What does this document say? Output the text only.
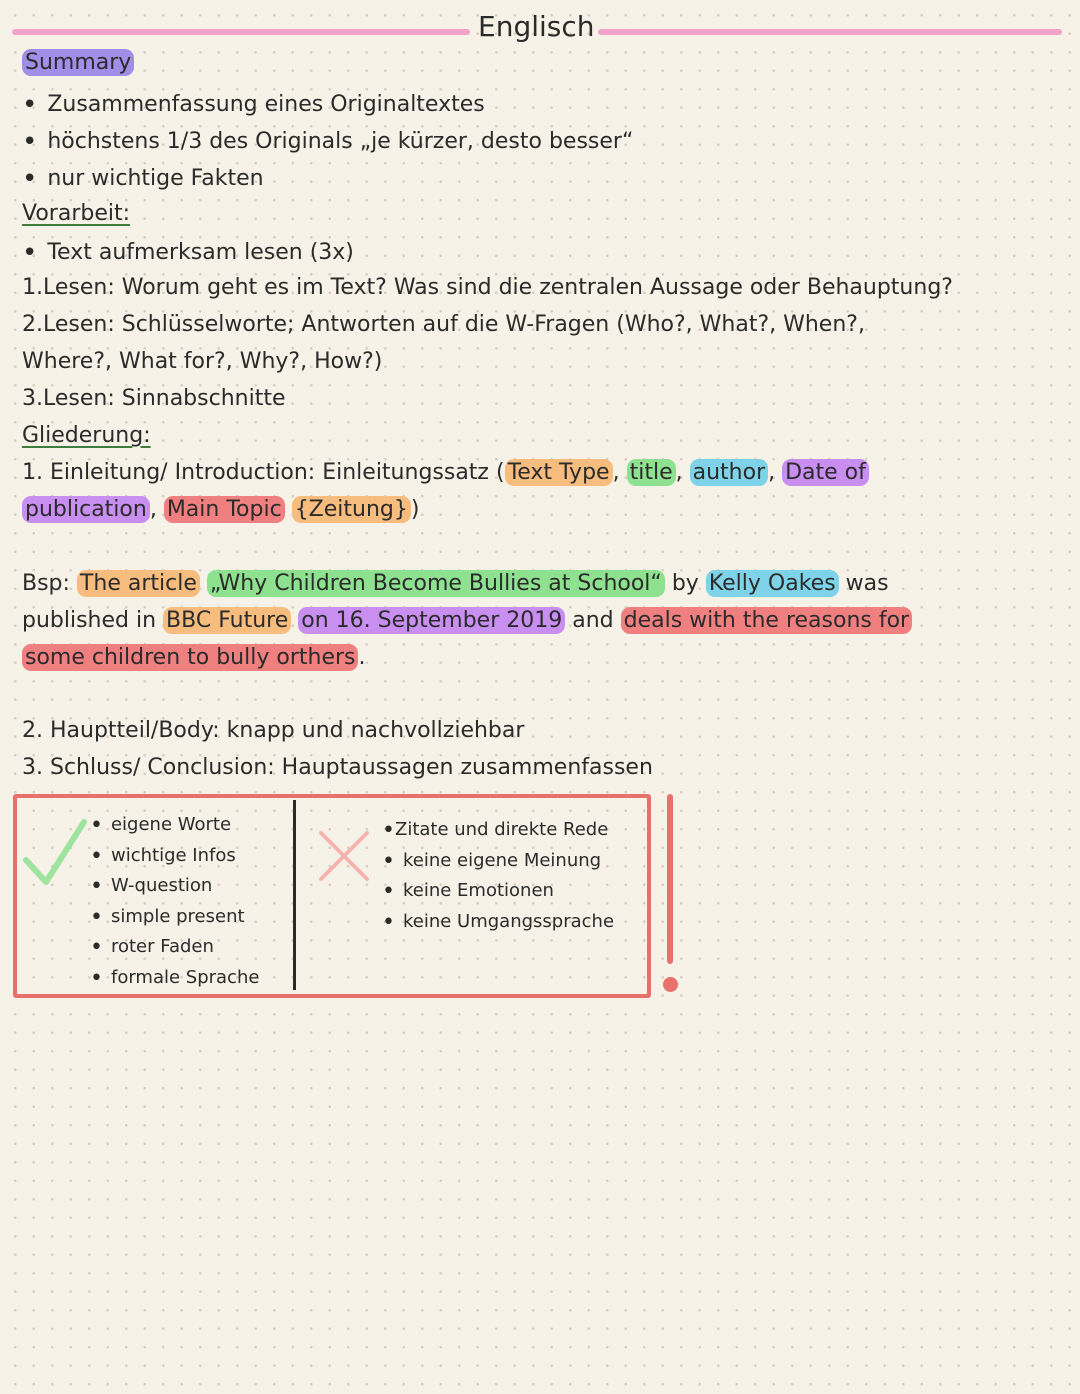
Englisch
Summary
• Zusammenfassung eines Originaltextes
• höchstens 1/3 des Originals „je kürzer, desto besser“
• nur wichtige Fakten
Vorarbeit:
• Text aufmerksam lesen (3x)
1.Lesen: Worum geht es im Text? Was sind die zentralen Aussage oder Behauptung?
2.Lesen: Schlüsselworte; Antworten auf die W-Fragen (Who?, What?, When?,
Where?, What for?, Why?, How?)
3.Lesen: Sinnabschnitte
Gliederung:
1. Einleitung/ Introduction: Einleitungssatz ( Text Type , title , author , Date of
publication , Main Topic {Zeitung} )
Bsp: The article „Why Children Become Bullies at School“ by Kelly Oakes was
published in BBC Future on 16. September 2019 and deals with the reasons for
some children to bully orthers .
2. Hauptteil/Body: knapp und nachvollziehbar
3. Schluss/ Conclusion: Hauptaussagen zusammenfassen
• eigene Worte
• wichtige Infos
• W-question
• simple present
• roter Faden
• formale Sprache
• Zitate und direkte Rede
• keine eigene Meinung
• keine Emotionen
• keine Umgangssprache
